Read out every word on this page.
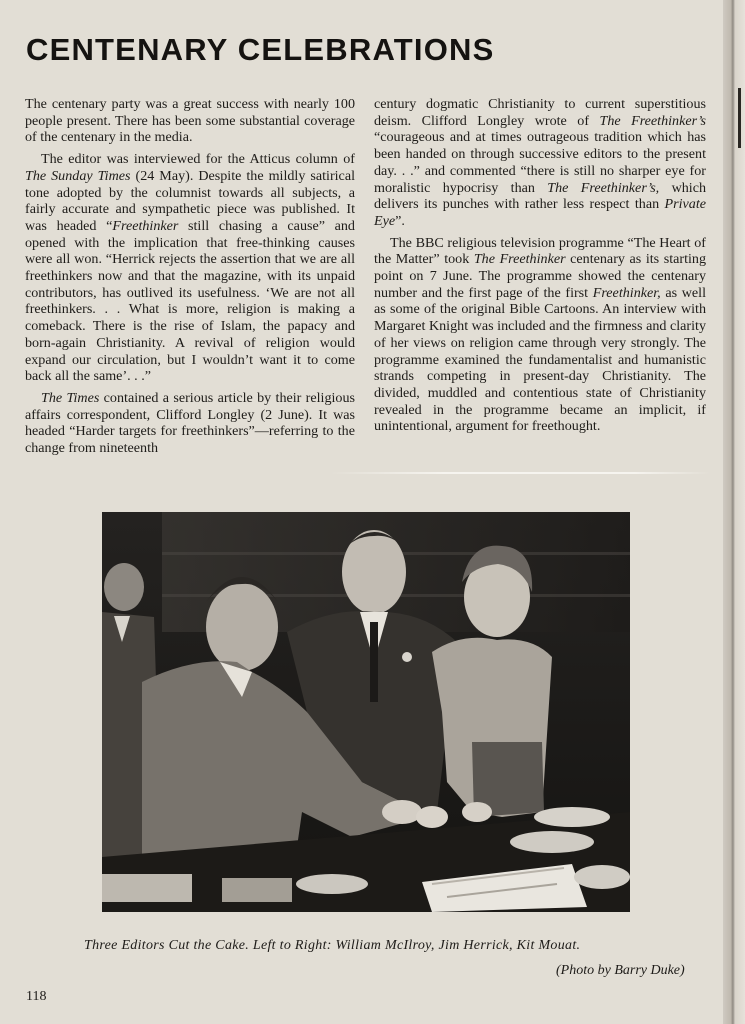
CENTENARY CELEBRATIONS

The centenary party was a great success with nearly 100 people present. There has been some substantial coverage of the centenary in the media.

The editor was interviewed for the Atticus column of The Sunday Times (24 May). Despite the mildly satirical tone adopted by the columnist towards all subjects, a fairly accurate and sympathetic piece was published. It was headed “Freethinker still chasing a cause” and opened with the implication that free-thinking causes were all won. “Herrick rejects the assertion that we are all freethinkers now and that the magazine, with its unpaid contributors, has outlived its usefulness. ‘We are not all freethinkers. . . What is more, religion is making a comeback. There is the rise of Islam, the papacy and born-again Christianity. A revival of religion would expand our circulation, but I wouldn’t want it to come back all the same’. . .”

The Times contained a serious article by their religious affairs correspondent, Clifford Longley (2 June). It was headed “Harder targets for freethinkers”—referring to the change from nineteenth

century dogmatic Christianity to current superstitious deism. Clifford Longley wrote of The Freethinker’s “courageous and at times outrageous tradition which has been handed on through successive editors to the present day. . .” and commented “there is still no sharper eye for moralistic hypocrisy than The Freethinker’s, which delivers its punches with rather less respect than Private Eye”.

The BBC religious television programme “The Heart of the Matter” took The Freethinker centenary as its starting point on 7 June. The programme showed the centenary number and the first page of the first Freethinker, as well as some of the original Bible Cartoons. An interview with Margaret Knight was included and the firmness and clarity of her views on religion came through very strongly. The programme examined the fundamentalist and humanistic strands competing in present-day Christianity. The divided, muddled and contentious state of Christianity revealed in the programme became an implicit, if unintentional, argument for freethought.

Three Editors Cut the Cake. Left to Right: William McIlroy, Jim Herrick, Kit Mouat.

(Photo by Barry Duke)

118
